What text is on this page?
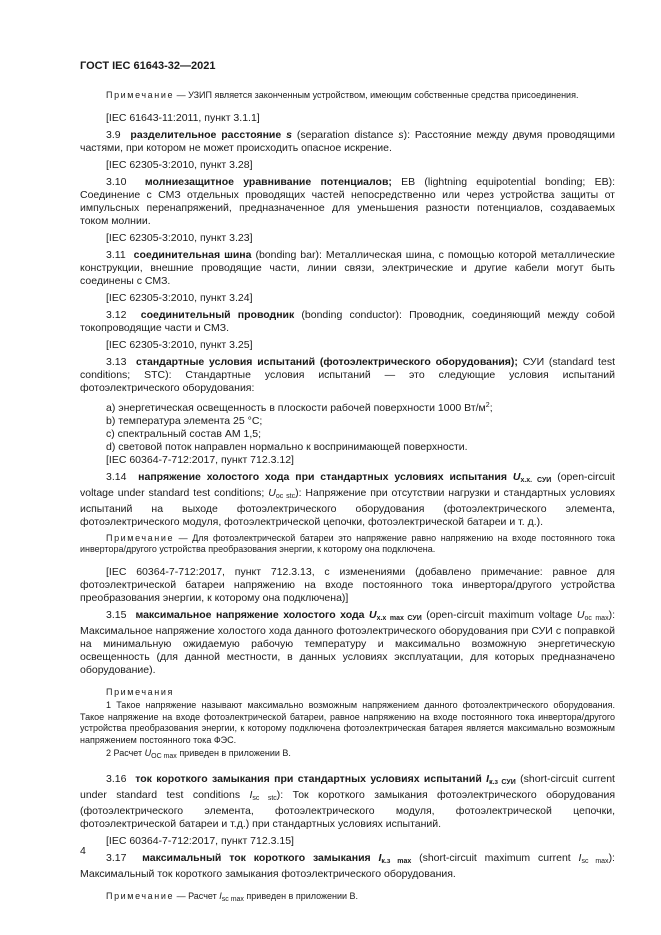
ГОСТ IEC 61643-32—2021

Примечание — УЗИП является законченным устройством, имеющим собственные средства присоединения.

[IEC 61643-11:2011, пункт 3.1.1]

3.9 разделительное расстояние s (separation distance s): Расстояние между двумя проводящими частями, при котором не может происходить опасное искрение.

[IEC 62305-3:2010, пункт 3.28]

3.10 молниезащитное уравнивание потенциалов; ЕВ (lightning equipotential bonding; ЕВ): Соединение с СМЗ отдельных проводящих частей непосредственно или через устройства защиты от импульсных перенапряжений, предназначенное для уменьшения разности потенциалов, создаваемых током молнии.

[IEC 62305-3:2010, пункт 3.23]

3.11 соединительная шина (bonding bar): Металлическая шина, с помощью которой металлические конструкции, внешние проводящие части, линии связи, электрические и другие кабели могут быть соединены с СМЗ.

[IEC 62305-3:2010, пункт 3.24]

3.12 соединительный проводник (bonding conductor): Проводник, соединяющий между собой токопроводящие части и СМЗ.

[IEC 62305-3:2010, пункт 3.25]

3.13 стандартные условия испытаний (фотоэлектрического оборудования); СУИ (standard test conditions; STC): Стандартные условия испытаний — это следующие условия испытаний фотоэлектрического оборудования:

а) энергетическая освещенность в плоскости рабочей поверхности 1000 $Вт/м^2$;

b) температура элемента 25 °С;

с) спектральный состав АМ 1,5;

d) световой поток направлен нормально к воспринимающей поверхности.

[IEC 60364-7-712:2017, пункт 712.3.12]

3.14 напряжение холостого хода при стандартных условиях испытания $U_{х.х. СУИ}$ (open-circuit voltage under standard test conditions; $U_{ос stc}$): Напряжение при отсутствии нагрузки и стандартных условиях испытаний на выходе фотоэлектрического оборудования (фотоэлектрического элемента, фотоэлектрического модуля, фотоэлектрической цепочки, фотоэлектрической батареи и т. д.).

Примечание — Для фотоэлектрической батареи это напряжение равно напряжению на входе постоянного тока инвертора/другого устройства преобразования энергии, к которому она подключена.

[IEC 60364-7-712:2017, пункт 712.3.13, с изменениями (добавлено примечание: равное для фотоэлектрической батареи напряжению на входе постоянного тока инвертора/другого устройства преобразования энергии, к которому она подключена)]

3.15 максимальное напряжение холостого хода $U_{х.х max СУИ}$ (open-circuit maximum voltage $U_{ос max}$): Максимальное напряжение холостого хода данного фотоэлектрического оборудования при СУИ с поправкой на минимальную ожидаемую рабочую температуру и максимально возможную энергетическую освещенность (для данной местности, в данных условиях эксплуатации, для которых предназначено оборудование).

Примечания

1 Такое напряжение называют максимально возможным напряжением данного фотоэлектрического оборудования. Такое напряжение на входе фотоэлектрической батареи, равное напряжению на входе постоянного тока инвертора/другого устройства преобразования энергии, к которому подключена фотоэлектрическая батарея является максимально возможным напряжением постоянного тока ФЭС.

2 Расчет $U_{ОС max}$ приведен в приложении В.

3.16 ток короткого замыкания при стандартных условиях испытаний $I_{к.з СУИ}$ (short-circuit current under standard test conditions $I_{sc stc}$): Ток короткого замыкания фотоэлектрического оборудования (фотоэлектрического элемента, фотоэлектрического модуля, фотоэлектрической цепочки, фотоэлектрической батареи и т.д.) при стандартных условиях испытаний.

[IEC 60364-7-712:2017, пункт 712.3.15]

3.17 максимальный ток короткого замыкания $I_{к.з max}$ (short-circuit maximum current $I_{sc max}$): Максимальный ток короткого замыкания фотоэлектрического оборудования.

Примечание — Расчет $I_{sc max}$ приведен в приложении В.

4
